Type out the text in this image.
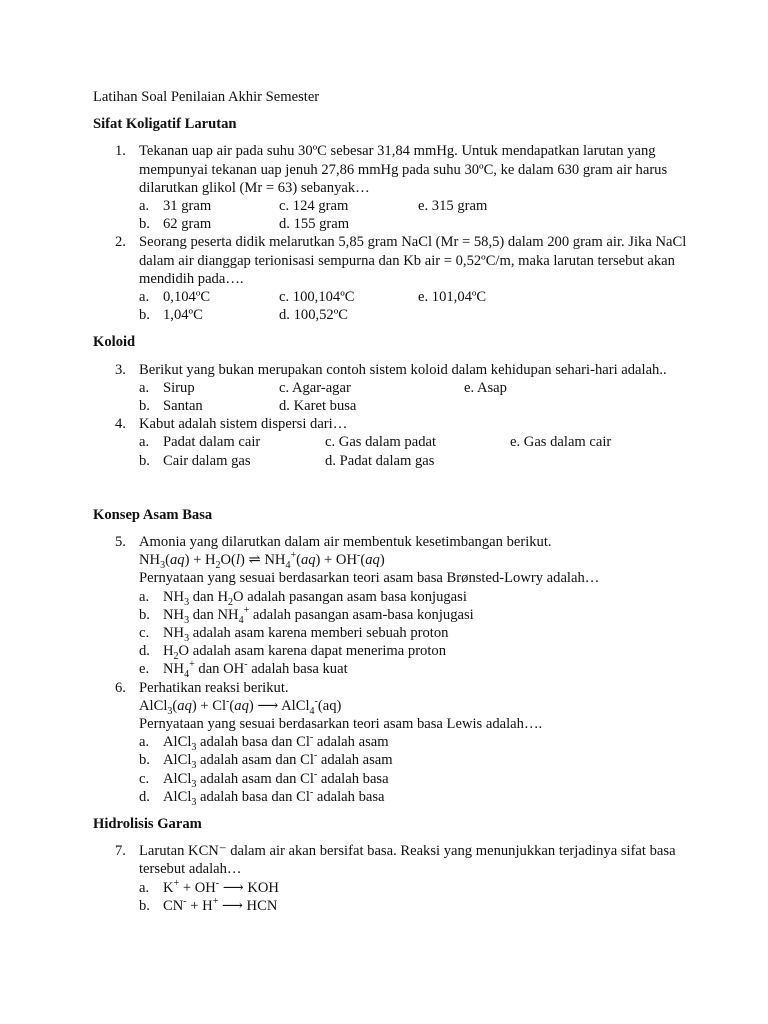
Latihan Soal Penilaian Akhir Semester
Sifat Koligatif Larutan
1. Tekanan uap air pada suhu 30ºC sebesar 31,84 mmHg. Untuk mendapatkan larutan yang mempunyai tekanan uap jenuh 27,86 mmHg pada suhu 30ºC, ke dalam 630 gram air harus dilarutkan glikol (Mr = 63) sebanyak…
a. 31 gram	c. 124 gram	e. 315 gram
b. 62 gram	d. 155 gram
2. Seorang peserta didik melarutkan 5,85 gram NaCl (Mr = 58,5) dalam 200 gram air. Jika NaCl dalam air dianggap terionisasi sempurna dan Kb air = 0,52ºC/m, maka larutan tersebut akan mendidih pada….
a. 0,104ºC	c. 100,104ºC	e. 101,04ºC
b. 1,04ºC	d. 100,52ºC
Koloid
3. Berikut yang bukan merupakan contoh sistem koloid dalam kehidupan sehari-hari adalah..
a. Sirup	c. Agar-agar	e. Asap
b. Santan	d. Karet busa
4. Kabut adalah sistem dispersi dari…
a. Padat dalam cair	c. Gas dalam padat	e. Gas dalam cair
b. Cair dalam gas	d. Padat dalam gas
Konsep Asam Basa
5. Amonia yang dilarutkan dalam air membentuk kesetimbangan berikut.
$NH_3(aq) + H_2O(l)$ ⇌ $NH_4^+(aq) + OH^-(aq)$
Pernyataan yang sesuai berdasarkan teori asam basa Brønsted-Lowry adalah…
a. $NH_3$ dan $H_2O$ adalah pasangan asam basa konjugasi
b. $NH_3$ dan $NH_4^+$ adalah pasangan asam-basa konjugasi
c. $NH_3$ adalah asam karena memberi sebuah proton
d. $H_2O$ adalah asam karena dapat menerima proton
e. $NH_4^+$ dan OH- adalah basa kuat
6. Perhatikan reaksi berikut.
AlCl$_3$(aq) + Cl-(aq) ⟶ AlCl$_4$-(aq)
Pernyataan yang sesuai berdasarkan teori asam basa Lewis adalah….
a. AlCl$_3$ adalah basa dan Cl- adalah asam
b. AlCl$_3$ adalah asam dan Cl- adalah asam
c. AlCl$_3$ adalah asam dan Cl- adalah basa
d. AlCl$_3$ adalah basa dan Cl- adalah basa
Hidrolisis Garam
7. Larutan KCN⁻ dalam air akan bersifat basa. Reaksi yang menunjukkan terjadinya sifat basa tersebut adalah…
a. K+ + OH- ⟶ KOH
b. CN- + H+ ⟶ HCN
